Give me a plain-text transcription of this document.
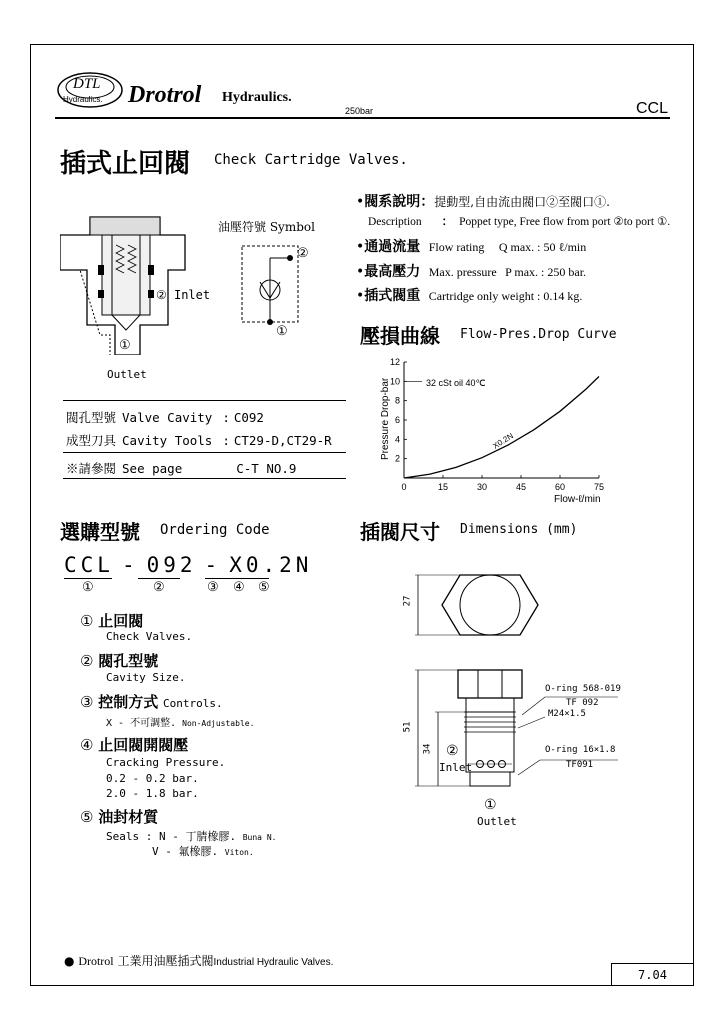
DTL
Hydraulics. Drotrol Hydraulics.
250bar	CCL
插式止回閥 Check Cartridge Valves.
② Inlet
①
Outlet
油壓符號 Symbol
②
①
•閥系說明：提動型,自由流由閥口②至閥口①.
Description ： Poppet type, Free flow from port ②to port ①.
•通過流量 Flow rating Q max. : 50 ℓ/min
•最高壓力 Max. pressure P max. : 250 bar.
•插式閥重 Cartridge only weight : 0.14 kg.
壓損曲線 Flow-Pres.Drop Curve
Pressure Drop-bar
Flow-ℓ/min
32 cSt oil 40℃
0	15	30	45	60	75
2
4
6
8
10
12
X0.2N
閥孔型號 Valve Cavity : C092
成型刀具 Cavity Tools : CT29-D,CT29-R
※請參閱 See page	C-T NO.9
選購型號 Ordering Code
CCL - 092 - X0.2N
①	②	③ ④ ⑤
① 止回閥
Check Valves.
② 閥孔型號
Cavity Size.
③ 控制方式 Controls.
X - 不可調整. Non-Adjustable.
④ 止回閥開閥壓
Cracking Pressure.
0.2 - 0.2 bar.
2.0 - 1.8 bar.
⑤ 油封材質
Seals : N - 丁腈橡膠. Buna N.
V - 氟橡膠. Viton.
插閥尺寸 Dimensions (mm)
27
51
34
O-ring 568-019
TF 092
M24×1.5
O-ring 16×1.8
TF091
②
Inlet
①
Outlet
● Drotrol 工業用油壓插式閥Industrial Hydraulic Valves.
7.04
